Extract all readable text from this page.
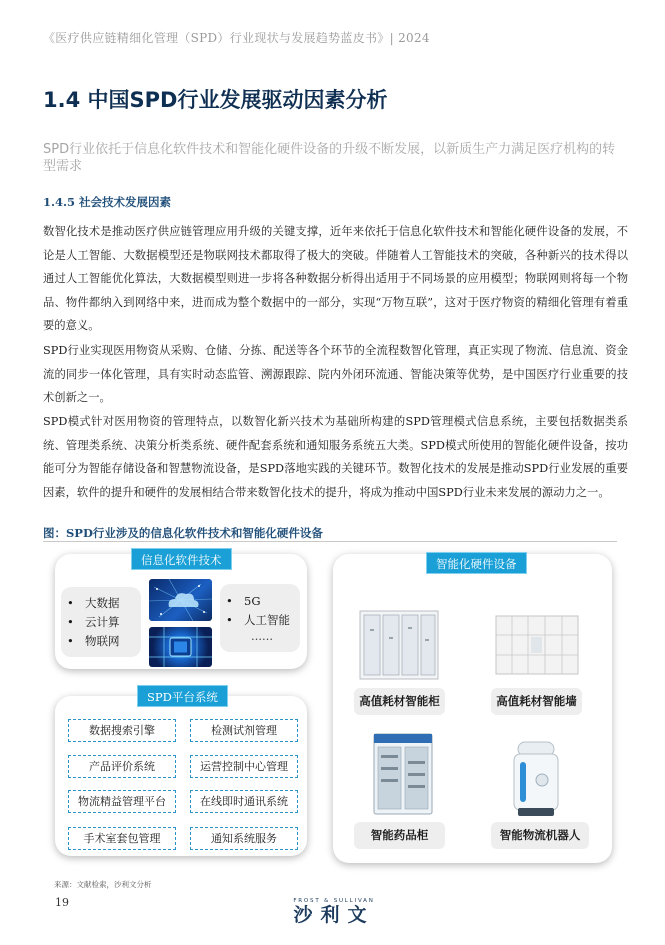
《医疗供应链精细化管理（SPD）行业现状与发展趋势蓝皮书》| 2024
1.4 中国SPD行业发展驱动因素分析
SPD行业依托于信息化软件技术和智能化硬件设备的升级不断发展，以新质生产力满足医疗机构的转型需求
1.4.5 社会技术发展因素

数智化技术是推动医疗供应链管理应用升级的关键支撑，近年来依托于信息化软件技术和智能化硬件设备的发展，不论是人工智能、大数据模型还是物联网技术都取得了极大的突破。伴随着人工智能技术的突破，各种新兴的技术得以通过人工智能优化算法，大数据模型则进一步将各种数据分析得出适用于不同场景的应用模型；物联网则将每一个物品、物件都纳入到网络中来，进而成为整个数据中的一部分，实现“万物互联”，这对于医疗物资的精细化管理有着重要的意义。

SPD行业实现医用物资从采购、仓储、分拣、配送等各个环节的全流程数智化管理，真正实现了物流、信息流、资金流的同步一体化管理，具有实时动态监管、溯源跟踪、院内外闭环流通、智能决策等优势，是中国医疗行业重要的技术创新之一。

SPD模式针对医用物资的管理特点，以数智化新兴技术为基础所构建的SPD管理模式信息系统，主要包括数据类系统、管理类系统、决策分析类系统、硬件配套系统和通知服务系统五大类。SPD模式所使用的智能化硬件设备，按功能可分为智能存储设备和智慧物流设备，是SPD落地实践的关键环节。数智化技术的发展是推动SPD行业发展的重要因素，软件的提升和硬件的发展相结合带来数智化技术的提升，将成为推动中国SPD行业未来发展的源动力之一。

图：SPD行业涉及的信息化软件技术和智能化硬件设备
• 大数据
• 云计算
• 物联网
• 5G
• 人工智能
……
信息化软件技术
SPD平台系统
数据搜索引擎	检测试剂管理
产品评价系统	运营控制中心管理
物流精益管理平台	在线即时通讯系统
手术室套包管理	通知系统服务
智能化硬件设备
高值耗材智能柜	高值耗材智能墙
智能药品柜	智能物流机器人
来源：文献检索，沙利文分析
19	FROST & SULLIVAN
沙利文
